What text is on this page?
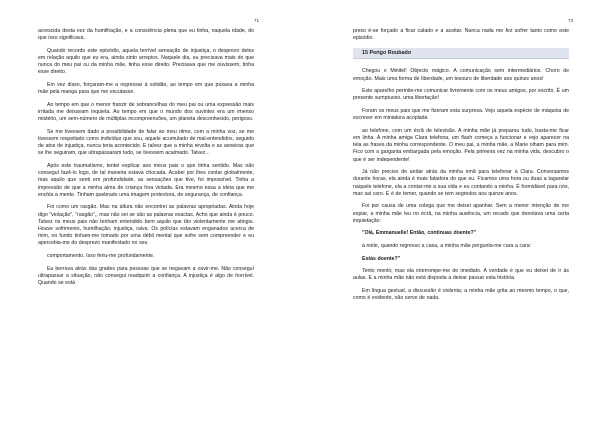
71

acrescida desta vez da humilhação, e a consciência plena que eu tinha, naquela idade, do que isso significava.

Quando recordo este episódio, aquela terrível sensação de injustiça, o desprezo deles em relação aquilo que eu era, ainda sinto arrepios. Naquele dia, eu precisava mais do que nunca do meu pai ou da minha mãe, tinha esse direito. Precisava que me ouvissem, tinha esse direito.

Em vez disso, forçaram-me a regressar à solidão, ao tempo em que puxava a minha mãe pela manga para que me escutasse.

Ao tempo em que o menor franzir de sobrancelhas do meu pai ou uma expressão mais irritada me deixavam inquieta. Ao tempo em que o mundo dos ouvintes era um imenso mistério, um sem-número de múltiplas incompreensões, um planeta desconhecido, perigoso.

Se me tivessem dado a possibilidade de falar ao meu ritmo, com a minha voz, se me tivessem respeitado como indivíduo que sou, aquele acumulado de mal-entendidos, seguido de atos de injustiça, nunca teria acontecido. E talvez que a minha revolta e as asneiras que se lhe seguiram, que ultrapassaram tudo, se tivessem acalmado. Talvez...

Após este traumatismo, tentei explicar aos meus pais o que tinha sentido. Mas não conseguí fazê-lo logo, de tal maneira estava chocada. Acabei por lhes contar globalmente, mas aquilo que senti em profundidade, as sensações que tive, foi impossível. Tinha a impressão de que a minha alma de criança fora violada. Era mesmo essa a ideia que me enchia a mente. Tinham quebrado uma imagem protectora, de segurança, de confiança.

Foi como um rasgão. Mas na altura não encontrei as palavras apropriadas. Ainda hoje digo "violação", "rasgão",, mas não sei se são as palavras exactas. Acho que ainda é pouco. Talvez os meus pais não tenham entendido bem aquilo que tão violentamente me atingiu. Houve sofrimento, humilhação, injustiça, raiva. Os polícias estavam enganados acerca de mim, no fundo tinham-me tomado por uma débil mental que sofre sem compreender e eu apercebia-me do desprezo manifestado no seu

comportamento. Isso feriu-me profundamente.

Eu berrava atrás das grades para pessoas que se negavam a ouvir-me. Não conseguí ultrapassar a situação, não consegui readquirir a confiança. A injustiça é algo de horrível. Quando se está

73

preso é-se forçado a ficar calado e a aceitar. Nunca nada me fez sofrer tanto como este episódio.

15 Perigo Roubado

Chegou o Minitel! Objecto mágico. A comunicação sem intermediários. Choro de emoção. Mais uma forma de liberdade, um tesouro de liberdade aos quinze anos!

Este aparelho permite-me comunicar livremente com os meus amigos, por escrito. É um presente sumptuoso, uma libertação!

Foram os meus pais que me fizeram esta surpresa. Vejo aquela espécie de máquina de escrever em miniatura acoplada

ao telefone, com um écrã de televisão. A minha mãe já preparou tudo, basta-me ficar em linha. A minha amiga Clara telefona, um flash começa a funcionar e vejo aparecer na tela as frases da minha correspondente. O meu pai, a minha mãe, a Marie olham para mim. Fico com a garganta embargada pela emoção. Pela primeira vez na minha vida, descubro o que é ser independente!

Já não preciso de andar atrás da minha irmã para telefonar à Clara. Conversamos durante horas, ela ainda é mais faladora do que eu. Ficamos uma hora ou duas a tagarelar naquele telefone, ela a contar-me a sua vida e eu contando a minha. É formidável para nós, mas sai caro. E é de temer, quando se tem segredos aos quinze anos.

Foi por causa de uma colega que me deixei apanhar. Sem a menor intenção de me espiar, a minha mãe leu no écrã, na minha ausência, um recado que denotava uma certa inquietação:

"Olá, Emmanuelle! Então, continuas doente?"

à noite, quando regresso a casa, a minha mãe pergunta-me cara a cara:

Estás doente?"

Tento mentir, mas ela interrompe-me de imediato. A verdade é que eu deixei de ir às aulas. E a minha mãe não está disposta a deixar passar esta história.

Em língua gestual, a discussão é violenta; a minha mãe grita ao mesmo tempo, o que, como é evidente, não serve de nada.
